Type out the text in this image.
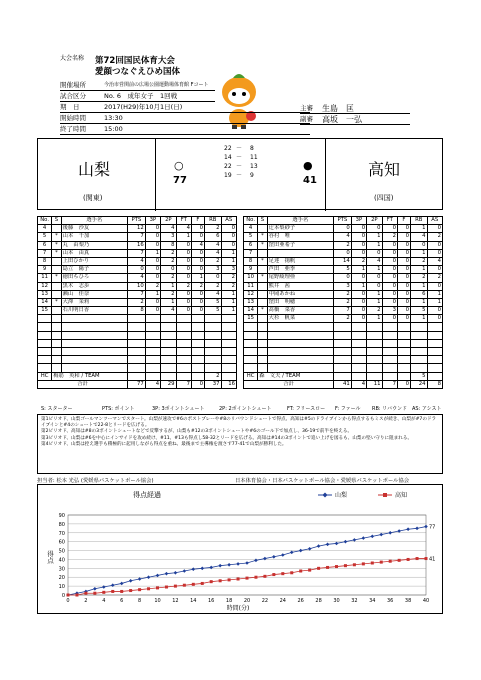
大会名称 第72回国民体育大会
愛顔つなぐえひめ国体
開催場所	今治市営関前の広場公園運動場体育館 Fコート
試合区分	No. 6　成年女子　1回戦
期　日	2017(H29)年10月1日(日)
開始時間	13:30
終了時間	15:00
主審 生島　匡
副審 高坂　一弘
山梨
(関東)
○
77
22 － 8
14 － 11
22 － 13
19 － 9
●
41
高知
(四国)
No.	S	選手名	PTS	3P	2P	FT	F	RB	AS
4		後藤　沙友	12	0	4	4	0	2	0
5	*	山本　千加	7	0	3	1	0	6	0
6	*	丸　由梨乃	16	0	8	0	4	4	0
7	*	山本　由真	7	1	2	0	0	4	1
8		上田ひかり	4	0	2	0	0	2	1
9		島立　陽子	0	0	0	0	0	3	3
11	*	徳田ちひろ	4	0	2	0	1	0	2
12		黒木　志歩	10	2	1	2	2	2	2
13		瀬山　佳奈	7	1	2	0	0	4	1
14	*	大澤　茉莉	2	0	1	0	0	5	1
15		石川明日香	8	0	4	0	0	5	1

HC	梅筋　英和 / TEAM							2	
合計			77	4	29	7	0	37	16
No.	S	選手名	PTS	3P	2P	FT	F	RB	AS
4		辻本梨紗子	0	0	0	0	0	1	0
5	*	谷村　唯	4	0	1	2	0	4	2
6	*	窪田亜希子	2	0	1	0	0	0	0
7			0	0	0	0	0	1	0
8	*	足達　揚帆	14	2	4	0	0	2	4
9		芦田　亜季	5	1	1	0	0	1	0
10	*	尾野綾理亜	0	0	0	0	0	2	2
11		熊井　茜	3	1	0	0	0	1	0
12		中岡あかね	2	0	1	0	0	6	1
13		窪田　明穂	2	0	1	0	0	1	1
14	*	髙橋　菜香	7	0	2	3	0	5	0
15		大杉　帆菜	2	0	1	0	0	1	0

HC	森　文夫 / TEAM							5	
合計			41	4	11	7	0	24	8
S: スターター	PTS: ポイント	3P: 3ポイントシュート	2P: 2ポイントシュート	FT: フリースロー F: ファール RB: リバウンド AS: アシスト

第1ピリオド、山梨ゴールマンツーマンでスタート。山梨が速攻で#6のポストプレーや#8のリバウンドシュートで得点、高知は#5のドライブインから得点するもミスが続き、山梨が#7のドライブインと#4のシュートで22-8とリードを広げる。

第2ピリオド、高知は#8の3ポイントシュートなどで反撃するが、山梨も#12の3ポイントシュートや#6のゴール下で加点し、36-19で前半を終える。

第3ピリオド、山梨は#6を中心にインサイドを攻め続け、#11、#13も得点し58-32とリードを広げる。高知は#14の3ポイントで追い上げを図るも、山梨の堅い守りに阻まれる。

第4ピリオド、山梨は控え選手も積極的に起用しながら得点を重ね、最後まで主導権を渡さず77-41で山梨が勝利した。

担当者: 松本 光弘 (愛媛県バスケットボール協会)	日本体育協会・日本バスケットボール協会・愛媛県バスケットボール協会
得点経過
0
10
20
30
40
50
60
70
80
90
0	2	4	6	8	10 12 14 16 18 20 22 24 26 28 30 32 34 36 38 40
時間(分)
得点
山梨	高知
77
41
